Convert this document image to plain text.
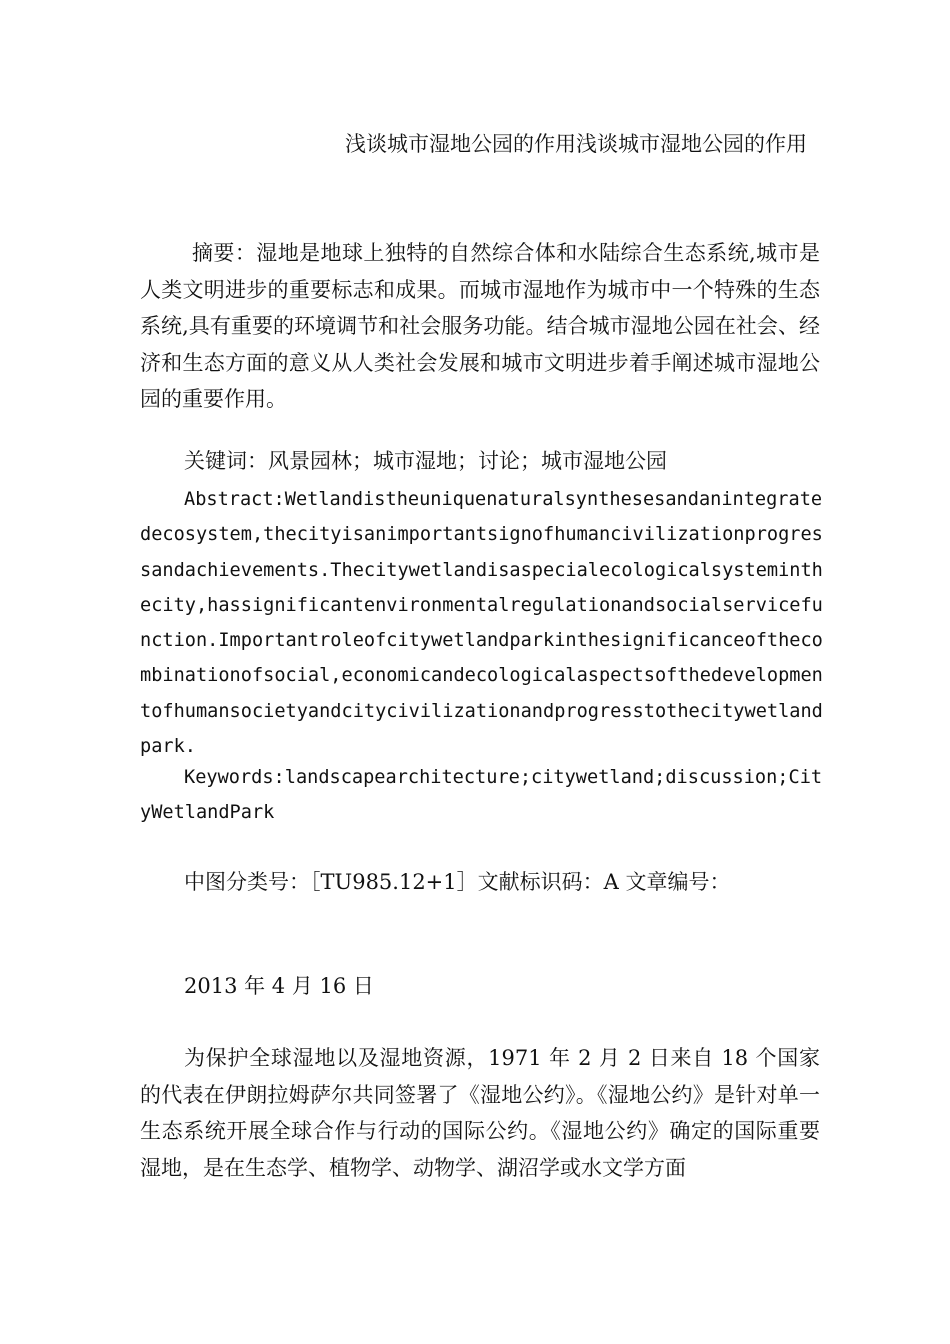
浅谈城市湿地公园的作用浅谈城市湿地公园的作用

摘要：湿地是地球上独特的自然综合体和水陆综合生态系统,城市是人类文明进步的重要标志和成果。而城市湿地作为城市中一个特殊的生态系统,具有重要的环境调节和社会服务功能。结合城市湿地公园在社会、经济和生态方面的意义从人类社会发展和城市文明进步着手阐述城市湿地公园的重要作用。

关键词：风景园林；城市湿地；讨论；城市湿地公园

Abstract:Wetlandistheuniquenaturalsynthesesandanintegratedecosystem,thecityisanimportantsignofhumancivilizationprogressandachievements.Thecitywetlandisaspecialecologicalsysteminthecity,hassignificantenvironmentalregulationandsocialservicefunction.Importantroleofcitywetlandparkinthesignificanceofthecombinationofsocial,economicandecologicalaspectsofthedevelopmentofhumansocietyandcitycivilizationandprogresstothecitywetlandpark.

Keywords:landscapearchitecture;citywetland;discussion;CityWetlandPark

中图分类号：［TU985.12+1］文献标识码：A 文章编号：

2013 年 4 月 16 日

为保护全球湿地以及湿地资源，1971 年 2 月 2 日来自 18 个国家的代表在伊朗拉姆萨尔共同签署了《湿地公约》。《湿地公约》是针对单一生态系统开展全球合作与行动的国际公约。《湿地公约》确定的国际重要湿地，是在生态学、植物学、动物学、湖沼学或水文学方面
